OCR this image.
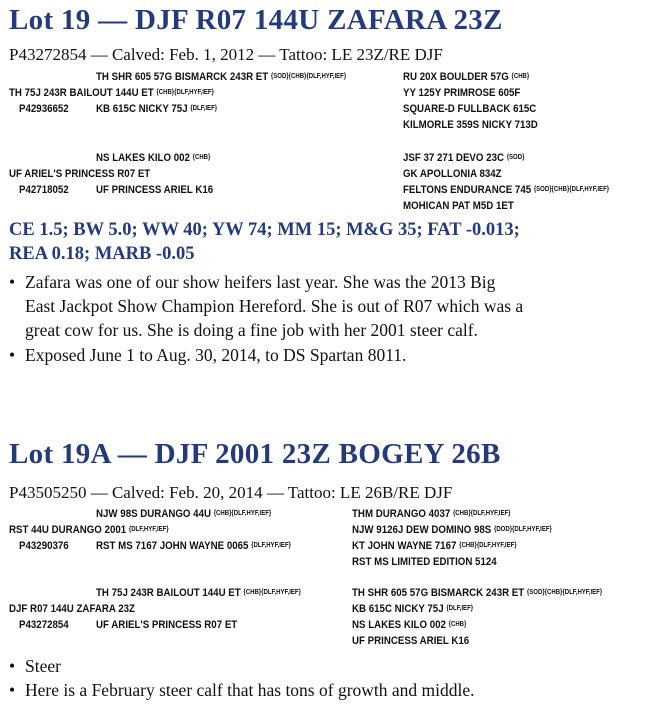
Lot 19 — DJF R07 144U ZAFARA 23Z
P43272854 — Calved: Feb. 1, 2012 — Tattoo: LE 23Z/RE DJF
TH SHR 605 57G BISMARCK 243R ET {SOD}{CHB}{DLF,HYF,IEF}
TH 75J 243R BAILOUT 144U ET {CHB}{DLF,HYF,IEF}
P42936652 KB 615C NICKY 75J {DLF,IEF}
RU 20X BOULDER 57G {CHB}
YY 125Y PRIMROSE 605F
SQUARE-D FULLBACK 615C
KILMORLE 359S NICKY 713D
NS LAKES KILO 002 {CHB}
UF ARIEL'S PRINCESS R07 ET
P42718052 UF PRINCESS ARIEL K16
JSF 37 271 DEVO 23C {SOD}
GK APOLLONIA 834Z
FELTONS ENDURANCE 745 {SOD}{CHB}{DLF,HYF,IEF}
MOHICAN PAT M5D 1ET
CE 1.5; BW 5.0; WW 40; YW 74; MM 15; M&G 35; FAT -0.013;
REA 0.18; MARB -0.05
• Zafara was one of our show heifers last year. She was the 2013 Big
East Jackpot Show Champion Hereford. She is out of R07 which was a
great cow for us. She is doing a fine job with her 2001 steer calf.
• Exposed June 1 to Aug. 30, 2014, to DS Spartan 8011.
Lot 19A — DJF 2001 23Z BOGEY 26B
P43505250 — Calved: Feb. 20, 2014 — Tattoo: LE 26B/RE DJF
NJW 98S DURANGO 44U {CHB}{DLF,HYF,IEF}
RST 44U DURANGO 2001 {DLF,HYF,IEF}
P43290376 RST MS 7167 JOHN WAYNE 0065 {DLF,HYF,IEF}
THM DURANGO 4037 {CHB}{DLF,HYF,IEF}
NJW 9126J DEW DOMINO 98S {DOD}{DLF,HYF,IEF}
KT JOHN WAYNE 7167 {CHB}{DLF,HYF,IEF}
RST MS LIMITED EDITION 5124
TH 75J 243R BAILOUT 144U ET {CHB}{DLF,HYF,IEF}
DJF R07 144U ZAFARA 23Z
P43272854 UF ARIEL'S PRINCESS R07 ET
TH SHR 605 57G BISMARCK 243R ET {SOD}{CHB}{DLF,HYF,IEF}
KB 615C NICKY 75J {DLF,IEF}
NS LAKES KILO 002 {CHB}
UF PRINCESS ARIEL K16
• Steer
• Here is a February steer calf that has tons of growth and middle.
